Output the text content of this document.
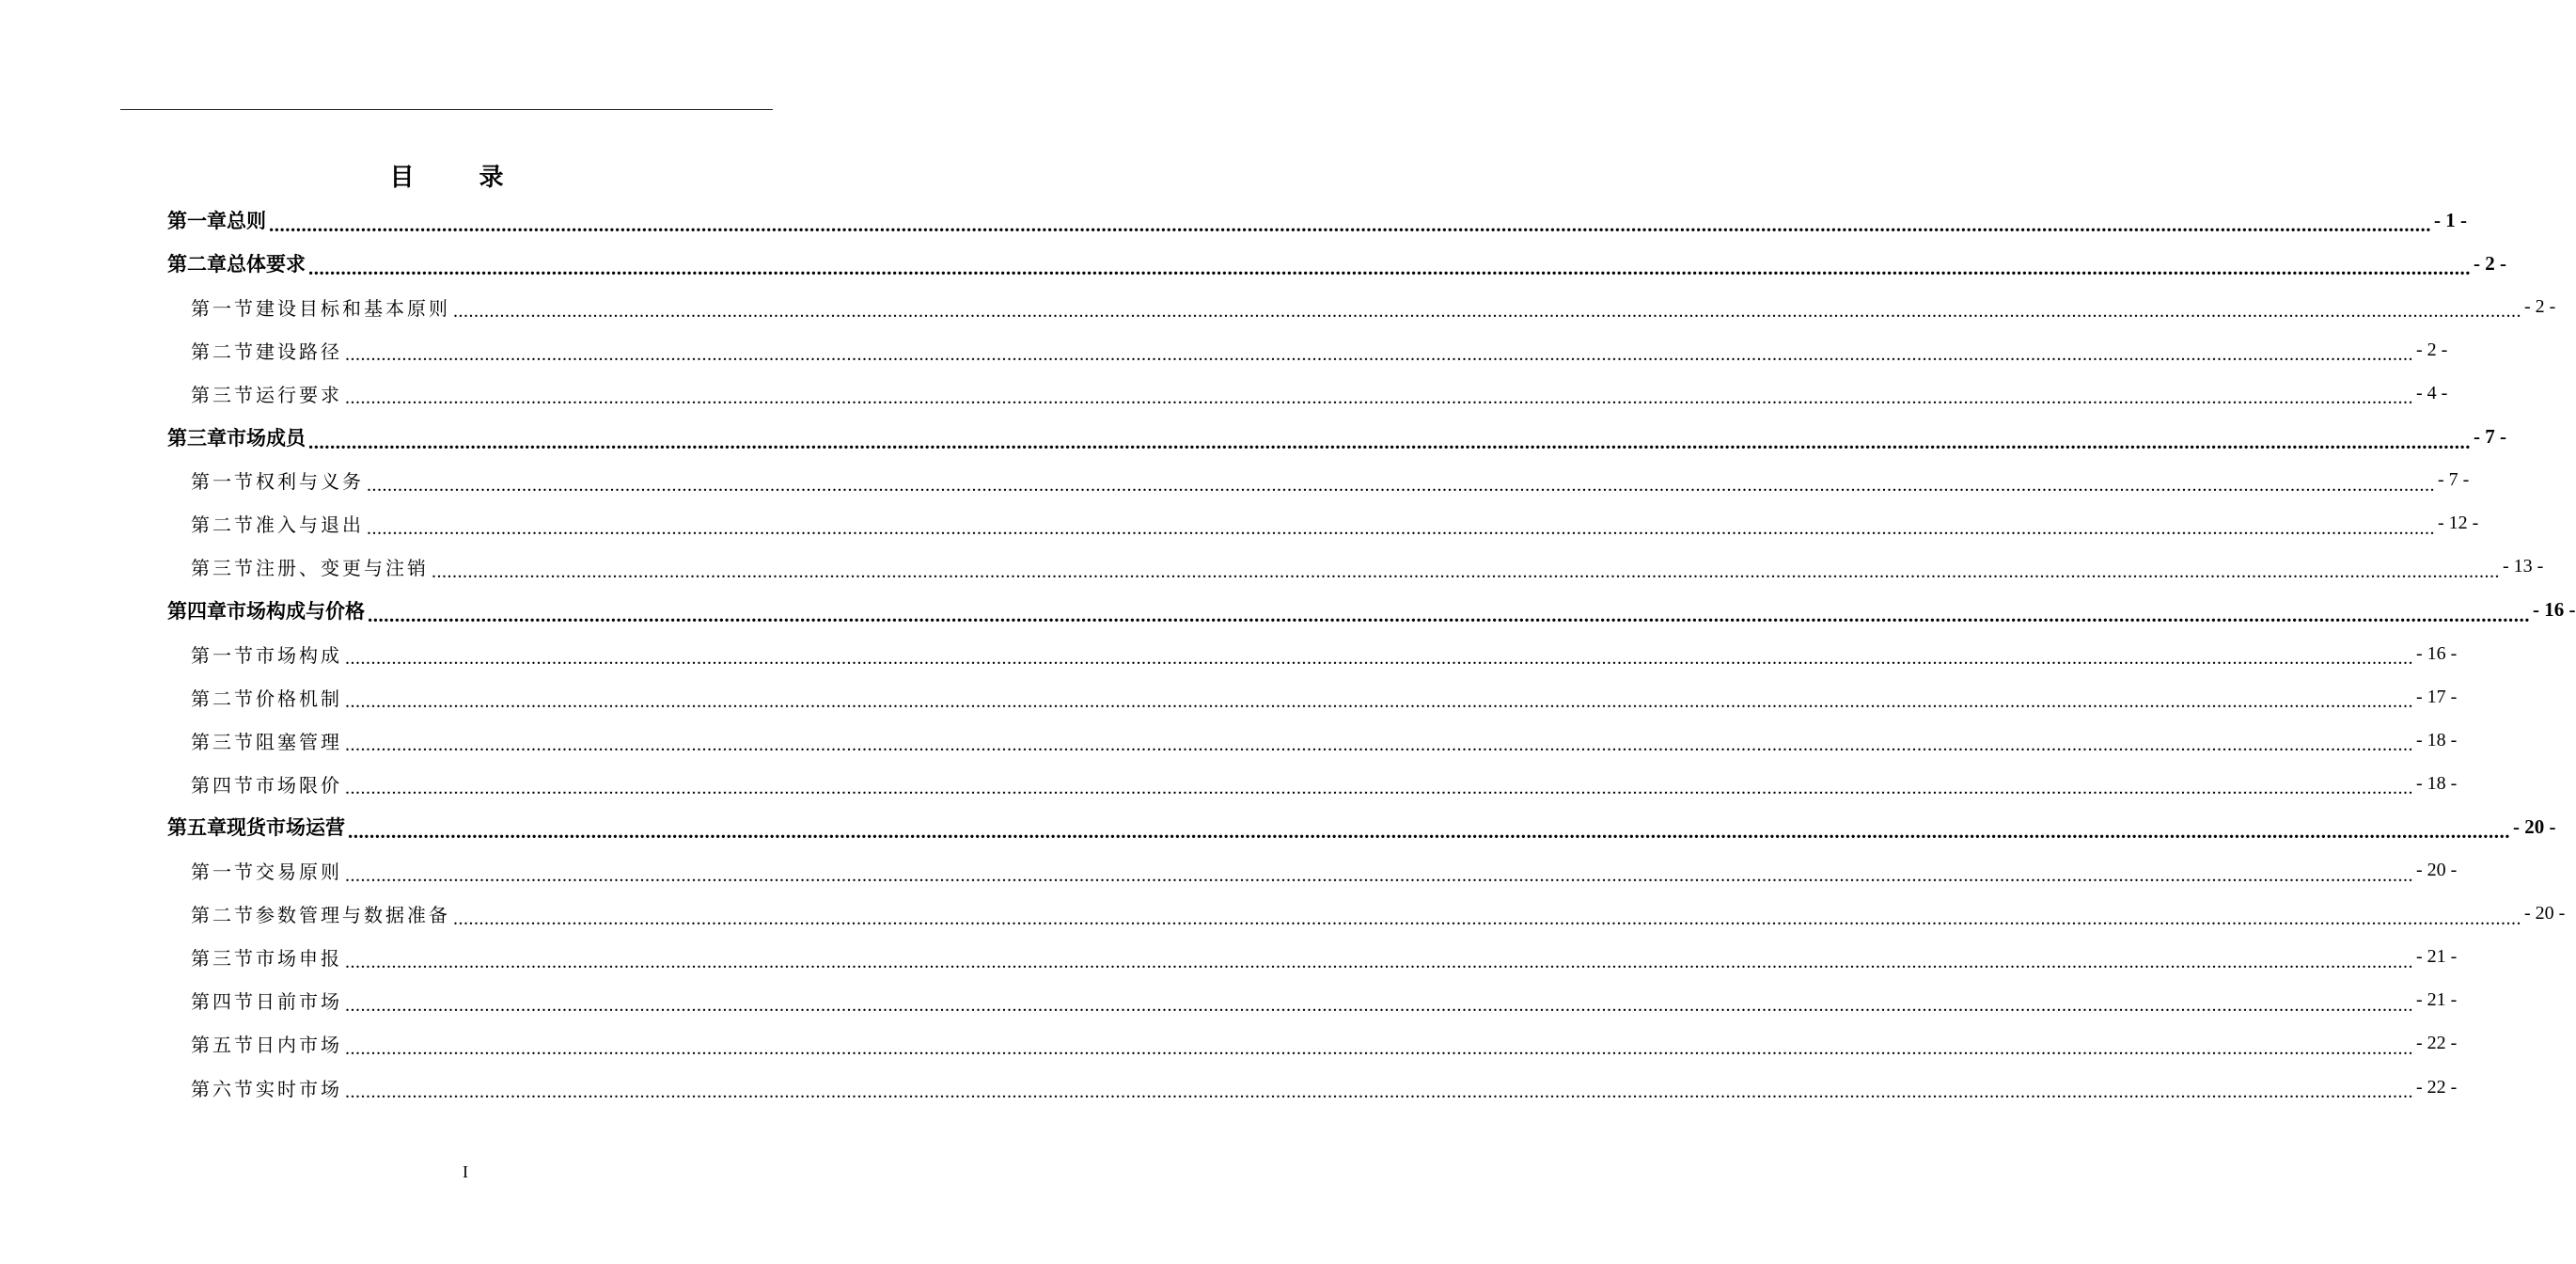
目 录
第一章 总则 ................................................................................................................................................................................................................................................................................................................................................................................................................ - 1 -
第二章 总体要求 ................................................................................................................................................................................................................................................................................................................................................................................................................ - 2 -
第一节 建设目标和基本原则 ................................................................................................................................................................................................................................................................................................................................................................................................................ - 2 -
第二节 建设路径 ................................................................................................................................................................................................................................................................................................................................................................................................................ - 2 -
第三节 运行要求 ................................................................................................................................................................................................................................................................................................................................................................................................................ - 4 -
第三章 市场成员 ................................................................................................................................................................................................................................................................................................................................................................................................................ - 7 -
第一节 权利与义务 ................................................................................................................................................................................................................................................................................................................................................................................................................ - 7 -
第二节 准入与退出 ................................................................................................................................................................................................................................................................................................................................................................................................................ - 12 -
第三节 注册、变更与注销 ................................................................................................................................................................................................................................................................................................................................................................................................................ - 13 -
第四章 市场构成与价格 ................................................................................................................................................................................................................................................................................................................................................................................................................ - 16 -
第一节 市场构成 ................................................................................................................................................................................................................................................................................................................................................................................................................ - 16 -
第二节 价格机制 ................................................................................................................................................................................................................................................................................................................................................................................................................ - 17 -
第三节 阻塞管理 ................................................................................................................................................................................................................................................................................................................................................................................................................ - 18 -
第四节 市场限价 ................................................................................................................................................................................................................................................................................................................................................................................................................ - 18 -
第五章 现货市场运营 ................................................................................................................................................................................................................................................................................................................................................................................................................ - 20 -
第一节 交易原则 ................................................................................................................................................................................................................................................................................................................................................................................................................ - 20 -
第二节 参数管理与数据准备 ................................................................................................................................................................................................................................................................................................................................................................................................................ - 20 -
第三节 市场申报 ................................................................................................................................................................................................................................................................................................................................................................................................................ - 21 -
第四节 日前市场 ................................................................................................................................................................................................................................................................................................................................................................................................................ - 21 -
第五节 日内市场 ................................................................................................................................................................................................................................................................................................................................................................................................................ - 22 -
第六节 实时市场 ................................................................................................................................................................................................................................................................................................................................................................................................................ - 22 -
I
